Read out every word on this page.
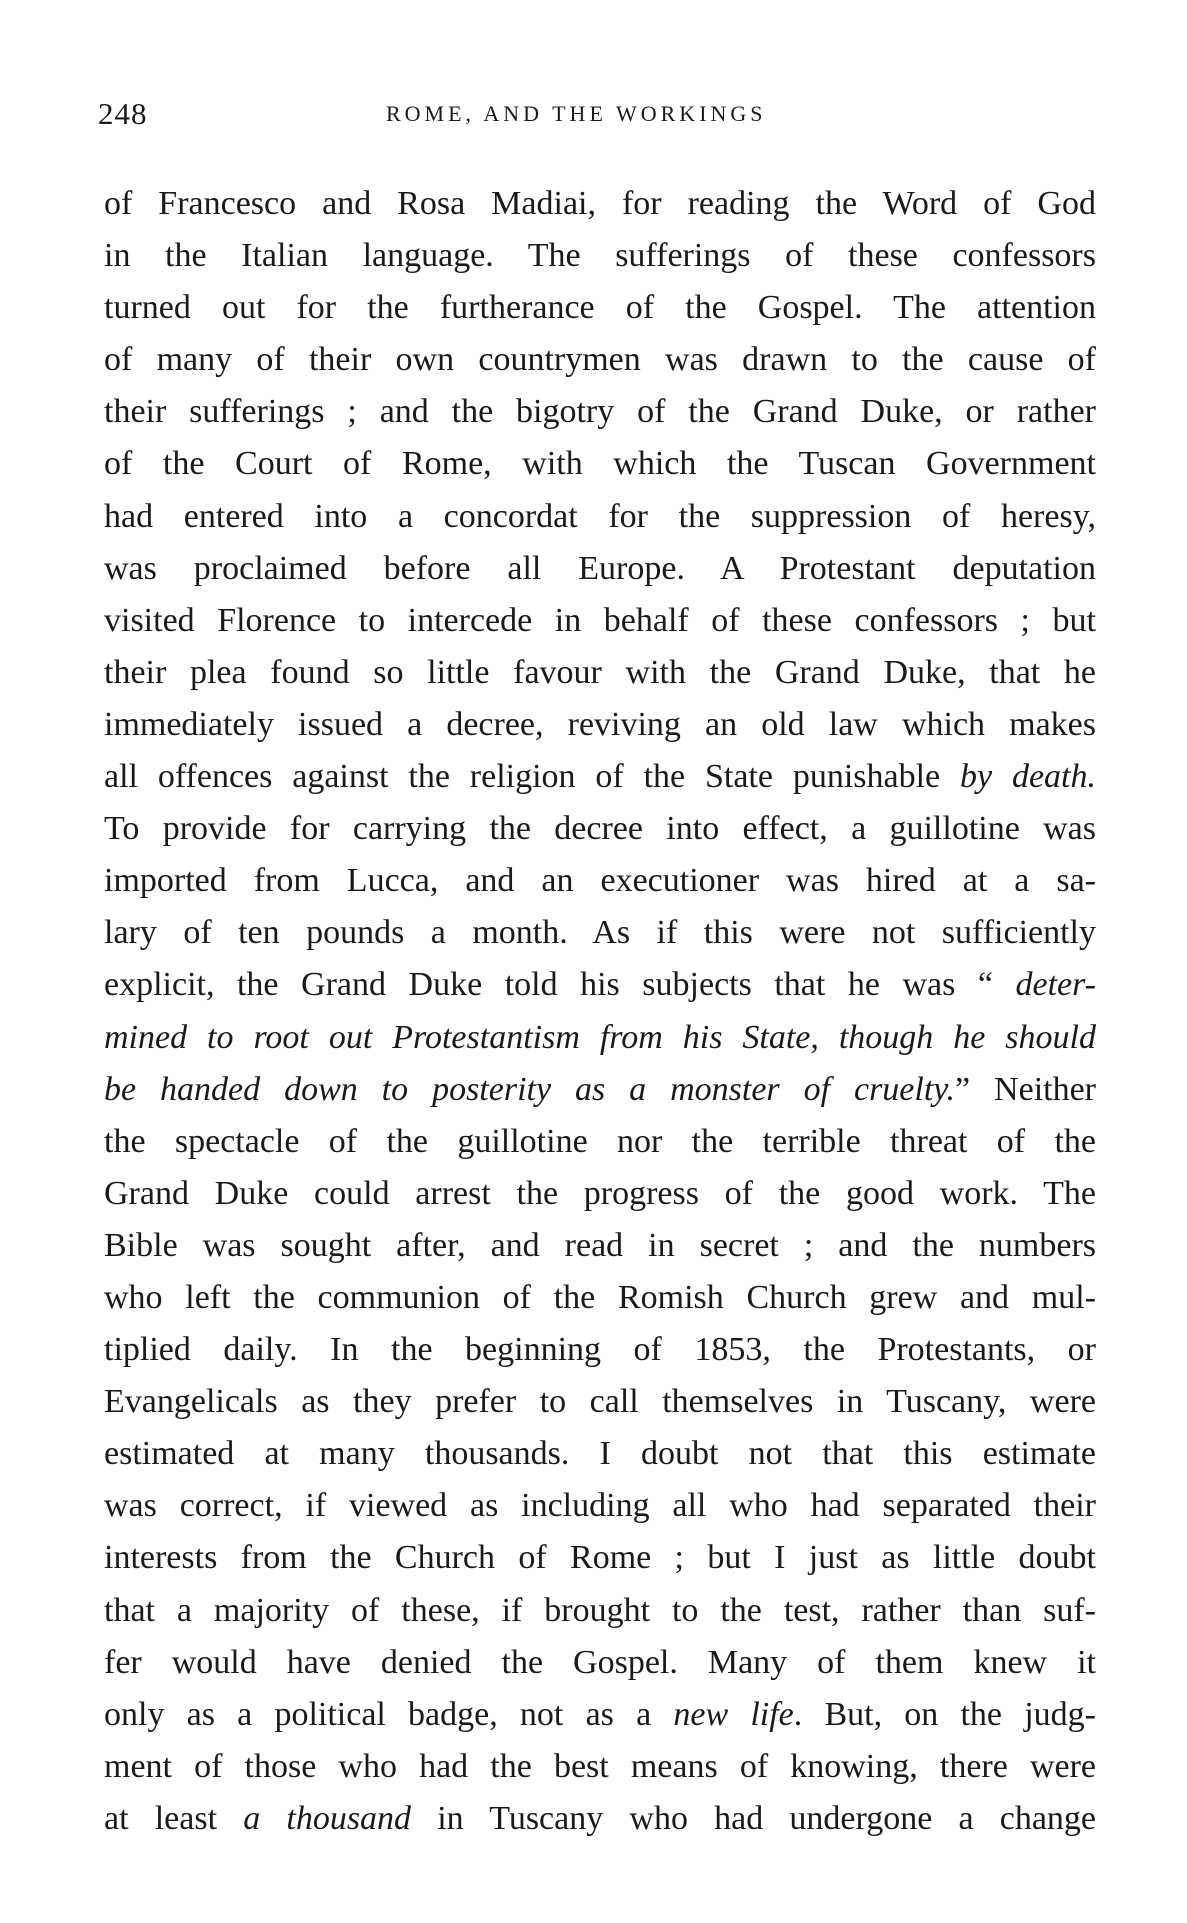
248	ROME, AND THE WORKINGS
of Francesco and Rosa Madiai, for reading the Word of God
in the Italian language. The sufferings of these confessors
turned out for the furtherance of the Gospel. The attention
of many of their own countrymen was drawn to the cause of
their sufferings ; and the bigotry of the Grand Duke, or rather
of the Court of Rome, with which the Tuscan Government
had entered into a concordat for the suppression of heresy,
was proclaimed before all Europe. A Protestant deputation
visited Florence to intercede in behalf of these confessors ; but
their plea found so little favour with the Grand Duke, that he
immediately issued a decree, reviving an old law which makes
all offences against the religion of the State punishable by death.
To provide for carrying the decree into effect, a guillotine was
imported from Lucca, and an executioner was hired at a sa-
lary of ten pounds a month. As if this were not sufficiently
explicit, the Grand Duke told his subjects that he was “ deter-
mined to root out Protestantism from his State, though he should
be handed down to posterity as a monster of cruelty.” Neither
the spectacle of the guillotine nor the terrible threat of the
Grand Duke could arrest the progress of the good work. The
Bible was sought after, and read in secret ; and the numbers
who left the communion of the Romish Church grew and mul-
tiplied daily. In the beginning of 1853, the Protestants, or
Evangelicals as they prefer to call themselves in Tuscany, were
estimated at many thousands. I doubt not that this estimate
was correct, if viewed as including all who had separated their
interests from the Church of Rome ; but I just as little doubt
that a majority of these, if brought to the test, rather than suf-
fer would have denied the Gospel. Many of them knew it
only as a political badge, not as a new life. But, on the judg-
ment of those who had the best means of knowing, there were
at least a thousand in Tuscany who had undergone a change
